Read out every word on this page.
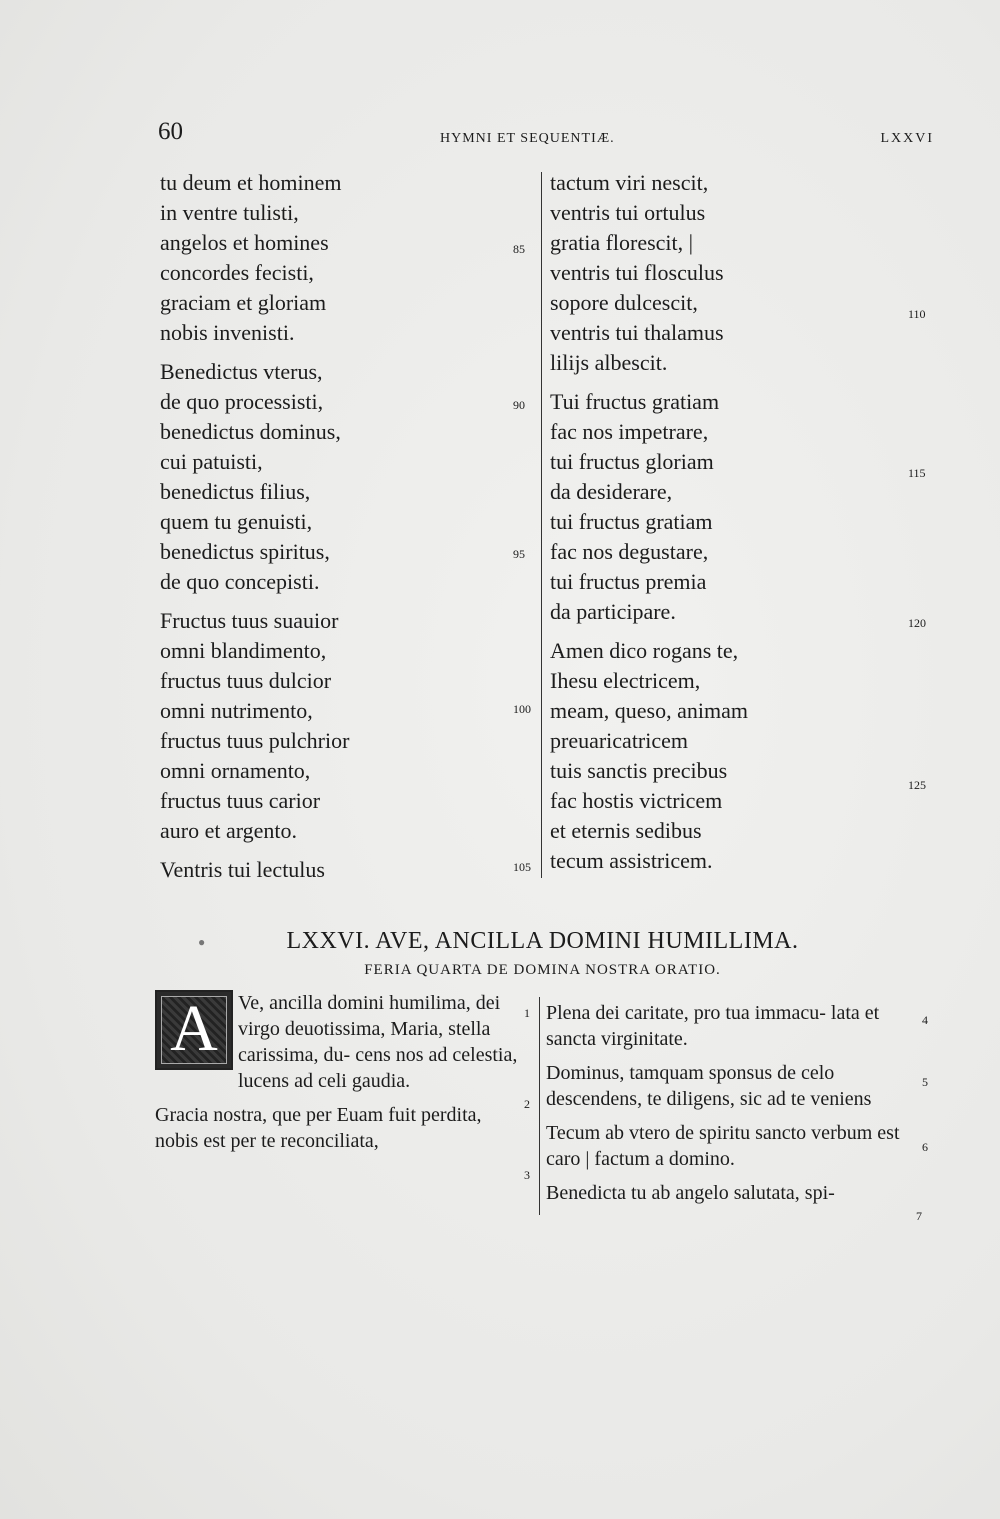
60	HYMNI ET SEQUENTIÆ.	LXXVI
tu deum et hominem
in ventre tulisti,
angelos et homines
concordes fecisti,
graciam et gloriam
nobis invenisti.
Benedictus vterus,
de quo processisti,
benedictus dominus,
cui patuisti,
benedictus filius,
quem tu genuisti,
benedictus spiritus,
de quo concepisti.
Fructus tuus suauior
omni blandimento,
fructus tuus dulcior
omni nutrimento,
fructus tuus pulchrior
omni ornamento,
fructus tuus carior
auro et argento.
Ventris tui lectulus
tactum viri nescit,
ventris tui ortulus
gratia florescit, |
ventris tui flosculus
sopore dulcescit,
ventris tui thalamus
lilijs albescit.
Tui fructus gratiam
fac nos impetrare,
tui fructus gloriam
da desiderare,
tui fructus gratiam
fac nos degustare,
tui fructus premia
da participare.
Amen dico rogans te,
Ihesu electricem,
meam, queso, animam
preuaricatricem
tuis sanctis precibus
fac hostis victricem
et eternis sedibus
tecum assistricem.
85
90
95
100
105
110
115
120
125
●	LXXVI. AVE, ANCILLA DOMINI HUMILLIMA.
FERIA QUARTA DE DOMINA NOSTRA ORATIO.

A	Ve, ancilla domini humilima, dei virgo deuotissima, Maria, stella carissima, du- cens nos ad celestia, lucens ad celi gaudia.

Gracia nostra, que per Euam fuit perdita, nobis est per te reconciliata,

Plena dei caritate, pro tua immacu- lata et sancta virginitate.

Dominus, tamquam sponsus de celo descendens, te diligens, sic ad te veniens

Tecum ab vtero de spiritu sancto verbum est caro | factum a domino.

Benedicta tu ab angelo salutata, spi-

1
2
3
4
5
6
7
